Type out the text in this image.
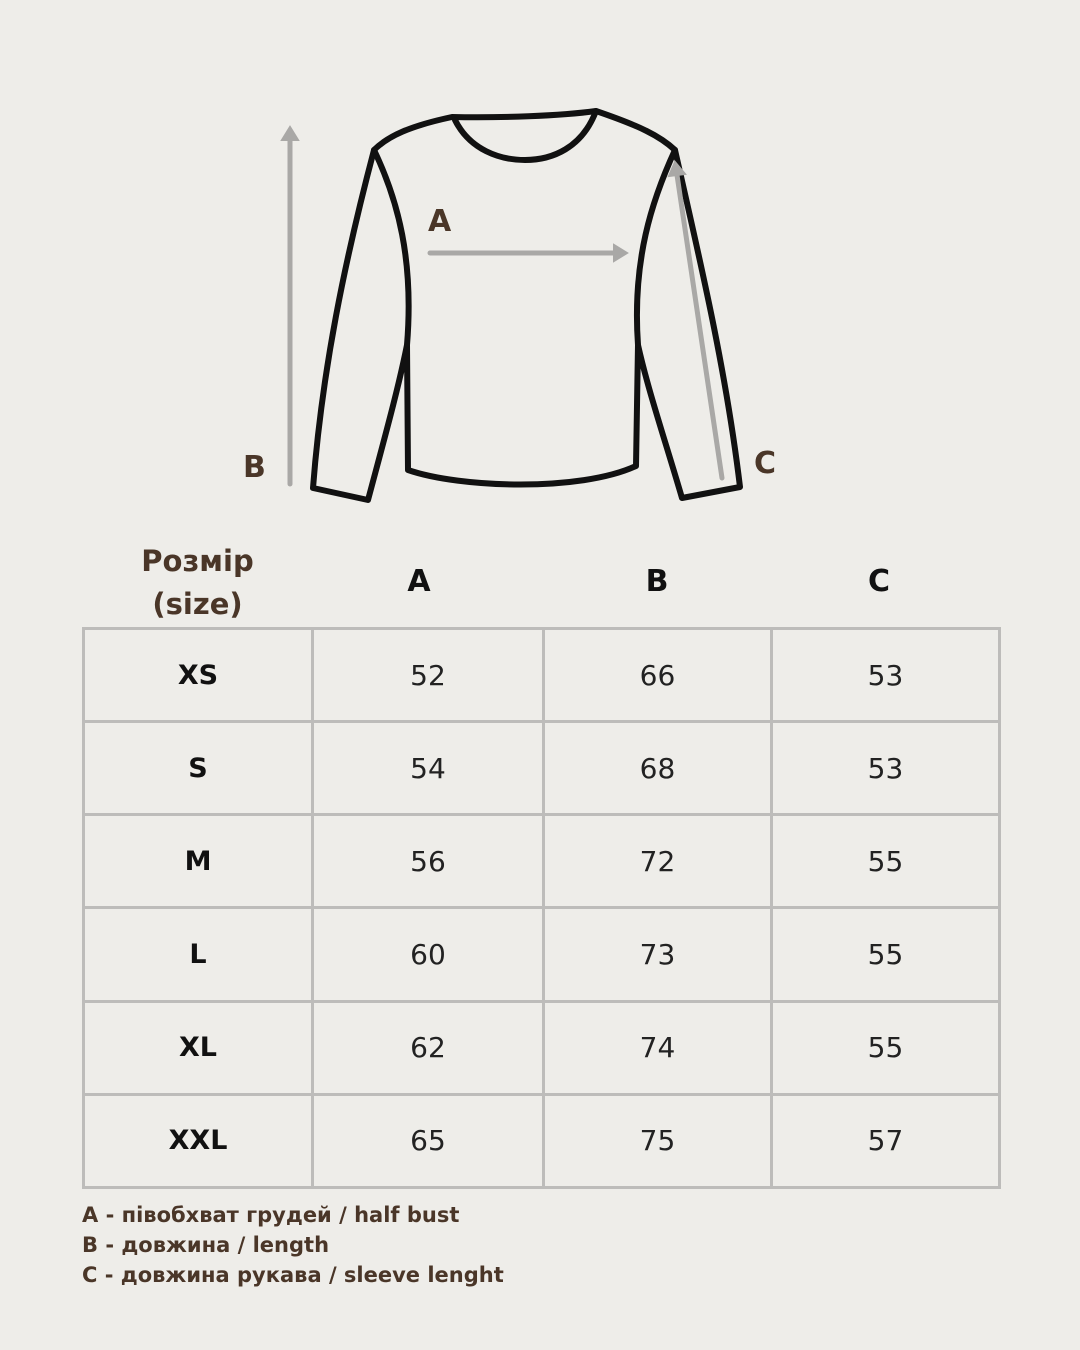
A
B	C
Розмір
(size)
A	B	C
XS	52	66	53
S	54	68	53
M	56	72	55
L	60	73	55
XL	62	74	55
XXL	65	75	57
A - півобхват грудей / half bust
B - довжина / length
C - довжина рукава / sleeve lenght
